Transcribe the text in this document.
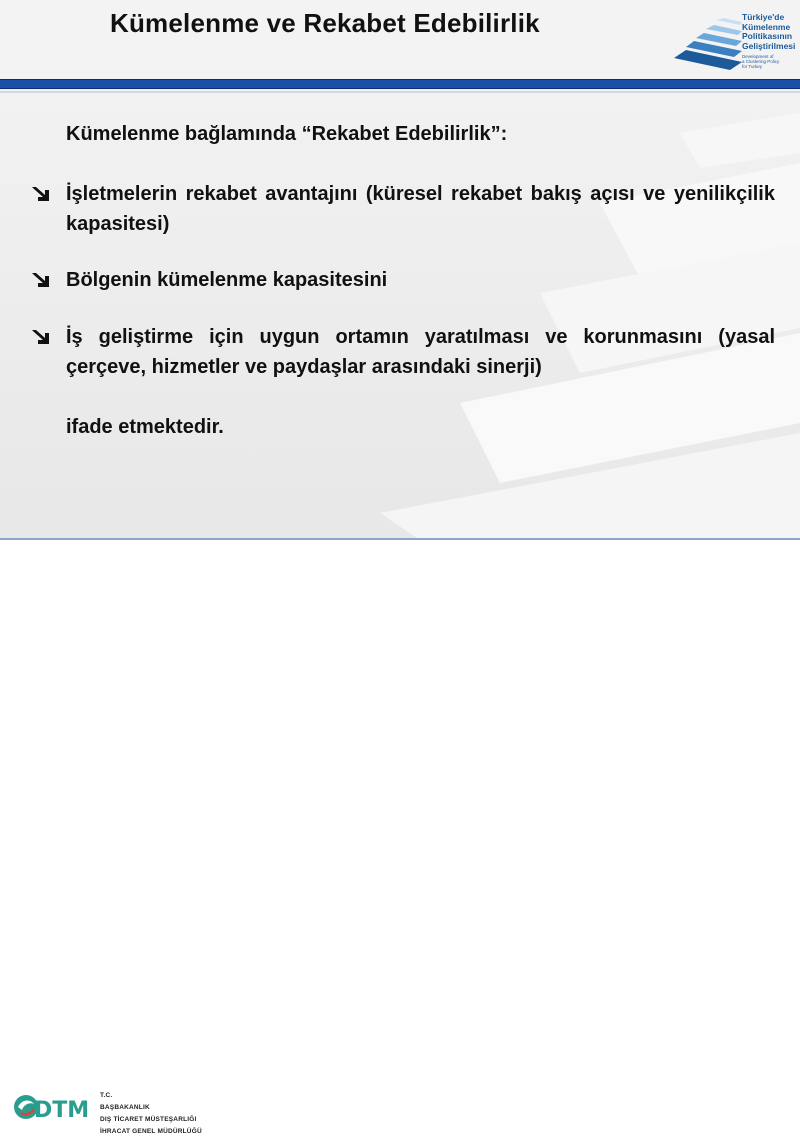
Kümelenme ve Rekabet Edebilirlik	Türkiye'de
Kümelenme
Politikasının
Geliştirilmesi
Development of
a Clustering Policy
for Turkey
Kümelenme bağlamında “Rekabet Edebilirlik”:
İşletmelerin rekabet avantajını (küresel rekabet bakış açısı ve yenilikçilik kapasitesi)
Bölgenin kümelenme kapasitesini
İş geliştirme için uygun ortamın yaratılması ve korunmasını (yasal çerçeve, hizmetler ve paydaşlar arasındaki sinerji)
ifade etmektedir.
DTM
T.C.
BAŞBAKANLIK
DIŞ TİCARET MÜSTEŞARLIĞI
İHRACAT GENEL MÜDÜRLÜĞÜ
